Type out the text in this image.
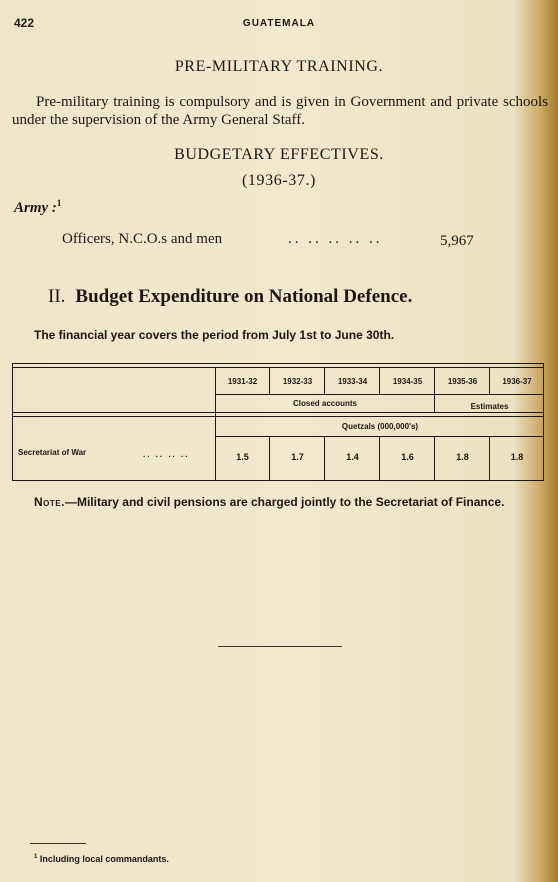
422	GUATEMALA
PRE-MILITARY TRAINING.
Pre-military training is compulsory and is given in Government and private schools under the supervision of the Army General Staff.
BUDGETARY EFFECTIVES.
(1936-37.)
Army :$^1$
Officers, N.C.O.s and men	.. .. .. .. ..	5,967
II. Budget Expenditure on National Defence.
The financial year covers the period from July 1st to June 30th.
1931-32	1932-33	1933-34	1934-35	1935-36	1936-37
Closed accounts	Estimates
Quetzals (000,000's)
Secretariat of War	.. .. .. ..	1.5	1.7	1.4	1.6	1.8	1.8
Note.—Military and civil pensions are charged jointly to the Secretariat of Finance.
$^1$ Including local commandants.
